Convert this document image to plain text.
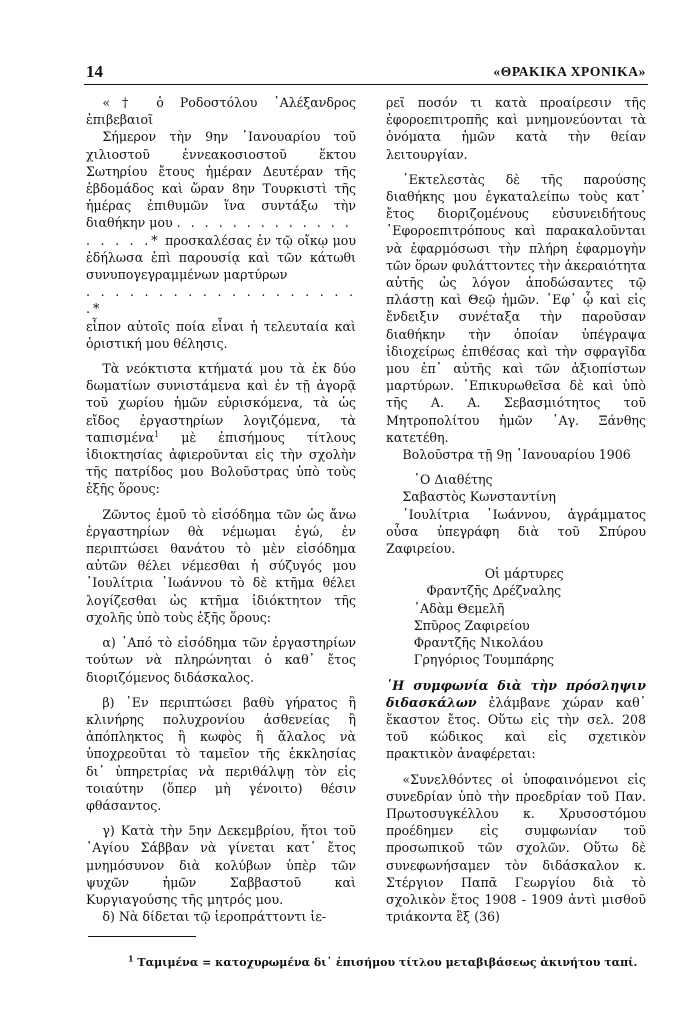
14	«ΘΡΑΚΙΚΑ ΧΡΟΝΙΚΑ»

«† ὁ Ροδοστόλου ᾿Αλέξανδρος ἐπιβεβαιοῖ

Σήμερον τὴν 9ην ᾿Ιανουαρίου τοῦ χιλιοστοῦ ἐννεακοσιοστοῦ ἕκτου Σωτηρίου ἔτους ἡμέραν Δευτέραν τῆς ἑβδομάδος καὶ ὥραν 8ην Τουρκιστὶ τῆς ἡμέρας ἐπιθυμῶν ἵνα συντάξω τὴν διαθήκην μου . . . . . . . . . . . . .

. . . . .* προσκαλέσας ἐν τῷ οἴκῳ μου ἐδήλωσα ἐπὶ παρουσίᾳ καὶ τῶν κάτωθι συνυπογεγραμμένων μαρτύρων

. . . . . . . . . . . . . . . . . . . .*

εἶπον αὐτοῖς ποία εἶναι ἡ τελευταία καὶ ὁριστική μου θέλησις.

Τὰ νεόκτιστα κτήματά μου τὰ ἐκ δύο δωματίων συνιστάμενα καὶ ἐν τῇ ἀγορᾷ τοῦ χωρίου ἡμῶν εὑρισκόμενα, τὰ ὡς εἴδος ἐργαστηρίων λογιζόμενα, τὰ ταπισμένα$^1$ μὲ ἐπισήμους τίτλους ἰδιοκτησίας ἀφιεροῦνται εἰς τὴν σχολὴν τῆς πατρίδος μου Βολοῦστρας ὑπὸ τοὺς ἑξῆς ὅρους:

Ζῶντος ἐμοῦ τὸ εἰσόδημα τῶν ὡς ἄνω ἐργαστηρίων θὰ νέμωμαι ἐγώ, ἐν περιπτώσει θανάτου τὸ μὲν εἰσόδημα αὐτῶν θέλει νέμεσθαι ἡ σύζυγός μου ᾿Ιουλίτρια ᾿Ιωάννου τὸ δὲ κτῆμα θέλει λογίζεσθαι ὡς κτῆμα ἰδιόκτητον τῆς σχολῆς ὑπὸ τοὺς ἑξῆς ὅρους:

α) ᾿Από τὸ εἰσόδημα τῶν ἐργαστηρίων τούτων νὰ πληρώνηται ὁ καθ᾿ ἔτος διοριζόμενος διδάσκαλος.

β) ᾿Εν περιπτώσει βαθὺ γήρατος ἢ κλινήρης πολυχρονίου ἀσθενείας ἢ ἀπόπληκτος ἢ κωφὸς ἢ ἄλαλος νὰ ὑποχρεοῦται τὸ ταμεῖον τῆς ἐκκλησίας δι᾿ ὑπηρετρίας νὰ περιθάλψῃ τὸν εἰς τοιαύτην (ὅπερ μὴ γένοιτο) θέσιν φθάσαντος.

γ) Κατὰ τὴν 5ην Δεκεμβρίου, ἤτοι τοῦ ῾Αγίου Σάββαν νὰ γίνεται κατ᾿ ἔτος μνημόσυνον διὰ κολύβων ὑπὲρ τῶν ψυχῶν ἡμῶν Σαββαστοῦ καὶ Κυργιαγούσης τῆς μητρός μου.

δ) Νὰ δίδεται τῷ ἱεροπράττοντι ἱε-

ρεῖ ποσόν τι κατὰ προαίρεσιν τῆς ἐφοροεπιτροπῆς καὶ μνημονεύονται τὰ ὀνόματα ἡμῶν κατὰ τὴν θείαν λειτουργίαν.

᾿Εκτελεστὰς δὲ τῆς παρούσης διαθήκης μου ἐγκαταλείπω τοὺς κατ᾿ ἔτος διοριζομένους εὐσυνειδήτους ᾿Εφοροεπιτρόπους καὶ παρακαλοῦνται νὰ ἐφαρμόσωσι τὴν πλήρη ἐφαρμογὴν τῶν ὅρων φυλάττοντες τὴν ἀκεραιότητα αὐτῆς ὡς λόγον ἀποδώσαντες τῷ πλάστῃ καὶ Θεῷ ἡμῶν. ᾿Εφ᾿ ᾧ καὶ εἰς ἔνδειξιν συνέταξα τὴν παροῦσαν διαθήκην τὴν ὁποίαν ὑπέγραψα ἰδιοχείρως ἐπιθέσας καὶ τὴν σφραγῖδα μου ἐπ᾿ αὐτῆς καὶ τῶν ἀξιοπίστων μαρτύρων. ᾿Επικυρωθεῖσα δὲ καὶ ὑπὸ τῆς Α. Α. Σεβασμιότητος τοῦ Μητροπολίτου ἡμῶν ῾Αγ. Ξάνθης κατετέθη.

Βολοῦστρα τῇ 9ῃ ᾿Ιανουαρίου 1906

῾Ο Διαθέτης

Σαβαστὸς Κωνσταντίνη

᾿Ιουλίτρια ᾿Ιωάννου, ἀγράμματος οὖσα ὑπεγράφη διὰ τοῦ Σπύρου Ζαφιρείου.

Οἱ μάρτυρες

Φραντζῆς Δρέζναλης

᾿Αδὰμ Θεμελῆ

Σπῦρος Ζαφιρείου

Φραντζῆς Νικολάου

Γρηγόριος Τουμπάρης

῾Η συμφωνία διὰ τὴν πρόσληψιν διδασκάλων ἐλάμβανε χώραν καθ᾿ ἕκαστον ἔτος. Οὕτω εἰς τὴν σελ. 208 τοῦ κώδικος καὶ εἰς σχετικὸν πρακτικὸν ἀναφέρεται:

«Συνελθόντες οἱ ὑποφαινόμενοι εἰς συνεδρίαν ὑπὸ τὴν προεδρίαν τοῦ Παν. Πρωτοσυγκέλλου κ. Χρυσοστόμου προέδημεν εἰς συμφωνίαν τοῦ προσωπικοῦ τῶν σχολῶν. Οὕτω δὲ συνεφωνήσαμεν τὸν διδάσκαλον κ. Στέργιον Παπᾶ Γεωργίου διὰ τὸ σχολικὸν ἔτος 1908 - 1909 ἀντὶ μισθοῦ τριάκοντα ἓξ (36)

$^1$ Ταμιμένα = κατοχυρωμένα δι᾿ ἐπισήμου τίτλου μεταβιβάσεως ἀκινήτου ταπί.
